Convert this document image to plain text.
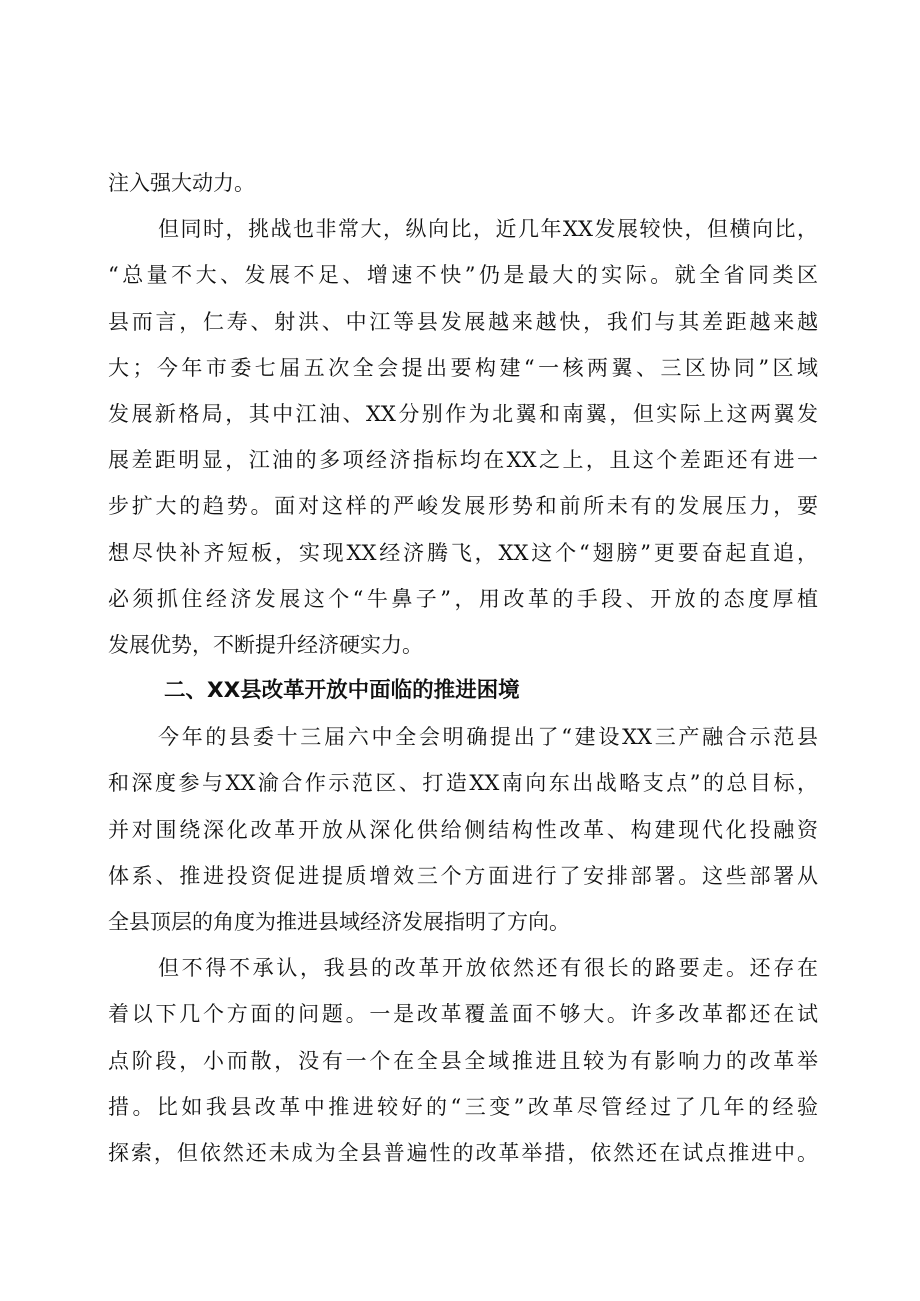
注入强大动力。
但同时，挑战也非常大，纵向比，近几年XX发展较快，但横向比，
“总量不大、发展不足、增速不快”仍是最大的实际。就全省同类区
县而言，仁寿、射洪、中江等县发展越来越快，我们与其差距越来越
大；今年市委七届五次全会提出要构建“一核两翼、三区协同”区域
发展新格局，其中江油、XX分别作为北翼和南翼，但实际上这两翼发
展差距明显，江油的多项经济指标均在XX之上，且这个差距还有进一
步扩大的趋势。面对这样的严峻发展形势和前所未有的发展压力，要
想尽快补齐短板，实现XX经济腾飞，XX这个“翅膀”更要奋起直追，
必须抓住经济发展这个“牛鼻子”，用改革的手段、开放的态度厚植
发展优势，不断提升经济硬实力。
二、XX县改革开放中面临的推进困境
今年的县委十三届六中全会明确提出了“建设XX三产融合示范县
和深度参与XX渝合作示范区、打造XX南向东出战略支点”的总目标，
并对围绕深化改革开放从深化供给侧结构性改革、构建现代化投融资
体系、推进投资促进提质增效三个方面进行了安排部署。这些部署从
全县顶层的角度为推进县域经济发展指明了方向。
但不得不承认，我县的改革开放依然还有很长的路要走。还存在
着以下几个方面的问题。一是改革覆盖面不够大。许多改革都还在试
点阶段，小而散，没有一个在全县全域推进且较为有影响力的改革举
措。比如我县改革中推进较好的“三变”改革尽管经过了几年的经验
探索，但依然还未成为全县普遍性的改革举措，依然还在试点推进中。
